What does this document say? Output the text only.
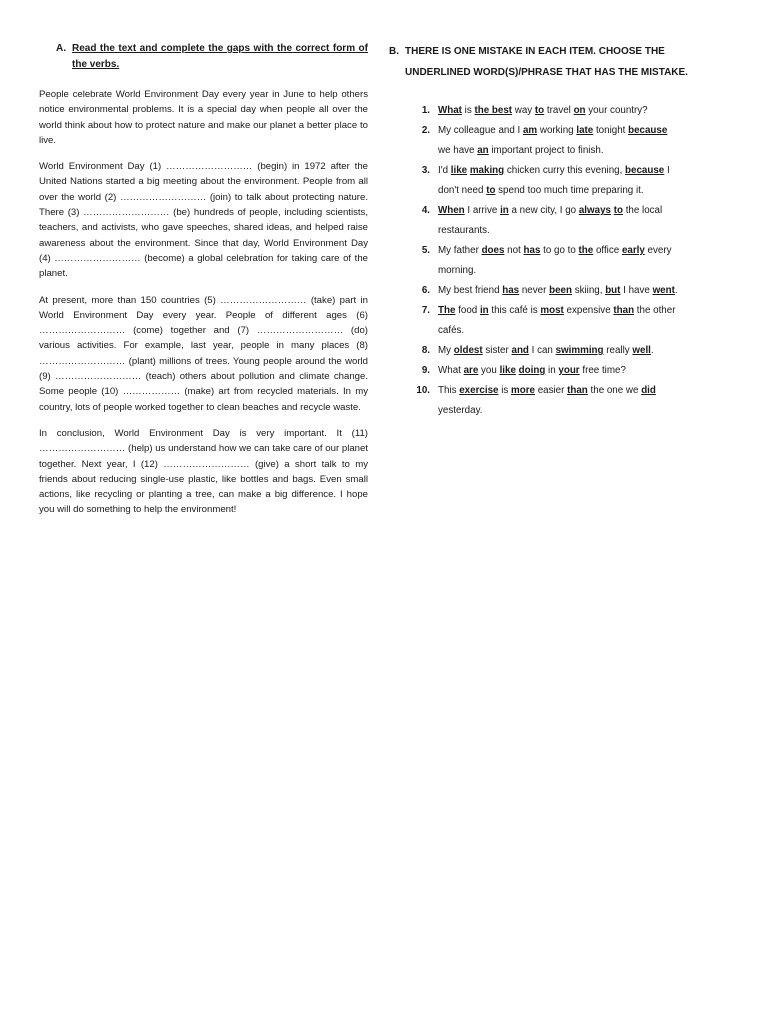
A. Read the text and complete the gaps with the correct form of the verbs.

People celebrate World Environment Day every year in June to help others notice environmental problems. It is a special day when people all over the world think about how to protect nature and make our planet a better place to live.

World Environment Day (1) ……………………… (begin) in 1972 after the United Nations started a big meeting about the environment. People from all over the world (2) ……………………… (join) to talk about protecting nature. There (3) ……………………… (be) hundreds of people, including scientists, teachers, and activists, who gave speeches, shared ideas, and helped raise awareness about the environment. Since that day, World Environment Day (4) ……………………… (become) a global celebration for taking care of the planet.

At present, more than 150 countries (5) ……………………… (take) part in World Environment Day every year. People of different ages (6) ……………………… (come) together and (7) ……………………… (do) various activities. For example, last year, people in many places (8) ……………………… (plant) millions of trees. Young people around the world (9) ……………………… (teach) others about pollution and climate change. Some people (10) ……………… (make) art from recycled materials. In my country, lots of people worked together to clean beaches and recycle waste.

In conclusion, World Environment Day is very important. It (11) ……………………… (help) us understand how we can take care of our planet together. Next year, I (12) ……………………… (give) a short talk to my friends about reducing single-use plastic, like bottles and bags. Even small actions, like recycling or planting a tree, can make a big difference. I hope you will do something to help the environment!

B. THERE IS ONE MISTAKE IN EACH ITEM. CHOOSE THE UNDERLINED WORD(S)/PHRASE THAT HAS THE MISTAKE.
1. What is the best way to travel on your country?
2. My colleague and I am working late tonight because we have an important project to finish.
3. I'd like making chicken curry this evening, because I don't need to spend too much time preparing it.
4. When I arrive in a new city, I go always to the local restaurants.
5. My father does not has to go to the office early every morning.
6. My best friend has never been skiing, but I have went.
7. The food in this café is most expensive than the other cafés.
8. My oldest sister and I can swimming really well.
9. What are you like doing in your free time?
10. This exercise is more easier than the one we did yesterday.
